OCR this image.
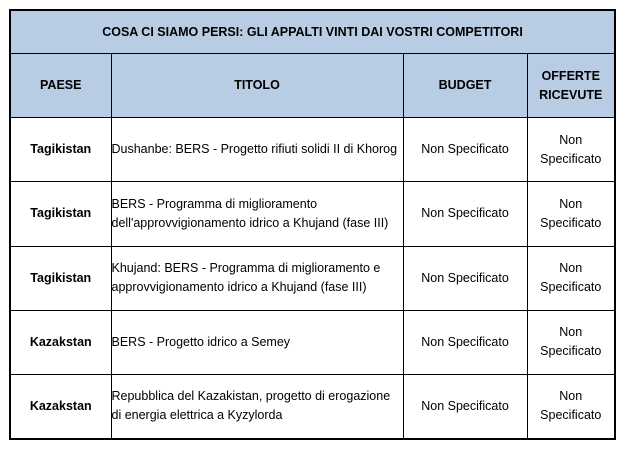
COSA CI SIAMO PERSI: GLI APPALTI VINTI DAI VOSTRI COMPETITORI			
PAESE	TITOLO	BUDGET	OFFERTE RICEVUTE
Tagikistan	Dushanbe: BERS - Progetto rifiuti solidi II di Khorog	Non Specificato	Non Specificato
Tagikistan	BERS - Programma di miglioramento dell'approvvigionamento idrico a Khujand (fase III)	Non Specificato	Non Specificato
Tagikistan	Khujand: BERS - Programma di miglioramento e approvvigionamento idrico a Khujand (fase III)	Non Specificato	Non Specificato
Kazakstan	BERS - Progetto idrico a Semey	Non Specificato	Non Specificato
Kazakstan	Repubblica del Kazakistan, progetto di erogazione di energia elettrica a Kyzylorda	Non Specificato	Non Specificato
